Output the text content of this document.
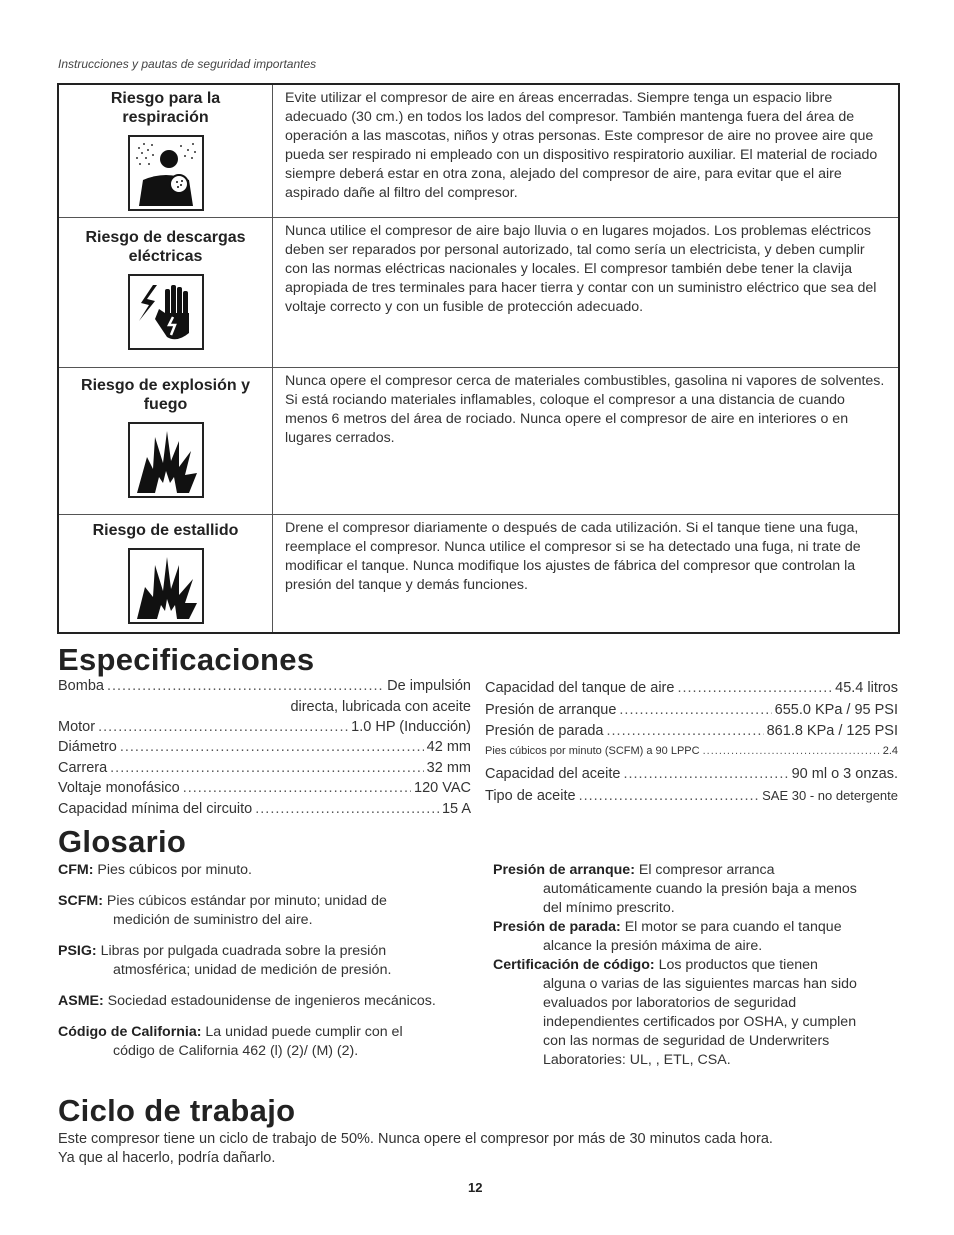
Instrucciones y pautas de seguridad importantes
Riesgo para la respiración	Evite utilizar el compresor de aire en áreas encerradas. Siempre tenga un espacio libre adecuado (30 cm.) en todos los lados del compresor. También mantenga fuera del área de operación a las mascotas, niños y otras personas. Este compresor de aire no provee aire que pueda ser respirado ni empleado con un dispositivo respiratorio auxiliar. El material de rociado siempre deberá estar en otra zona, alejado del compresor de aire, para evitar que el aire aspirado dañe al filtro del compresor.

Riesgo de descargas eléctricas	Nunca utilice el compresor de aire bajo lluvia o en lugares mojados. Los problemas eléctricos deben ser reparados por personal autorizado, tal como sería un electricista, y deben cumplir con las normas eléctricas nacionales y locales. El compresor también debe tener la clavija apropiada de tres terminales para hacer tierra y contar con un suministro eléctrico que sea del voltaje correcto y con un fusible de protección adecuado.

Riesgo de explosión y fuego	Nunca opere el compresor cerca de materiales combustibles, gasolina ni vapores de solventes. Si está rociando materiales inflamables, coloque el compresor a una distancia de cuando menos 6 metros del área de rociado. Nunca opere el compresor de aire en interiores o en lugares cerrados.

Riesgo de estallido	Drene el compresor diariamente o después de cada utilización. Si el tanque tiene una fuga, reemplace el compresor. Nunca utilice el compresor si se ha detectado una fuga, ni trate de modificar el tanque. Nunca modifique los ajustes de fábrica del compresor que controlan la presión del tanque y demás funciones.
Especificaciones
Bomba .....	De impulsión
directa, lubricada con aceite
Motor .....	1.0 HP (Inducción)
Diámetro .....	42 mm
Carrera .....	32 mm
Voltaje monofásico .....	120 VAC
Capacidad mínima del circuito .....	15 A
Capacidad del tanque de aire .....	45.4 litros
Presión de arranque .....	655.0 KPa / 95 PSI
Presión de parada .....	861.8 KPa / 125 PSI
Pies cúbicos por minuto (SCFM) a 90 LPPC .....	2.4
Capacidad del aceite .....	90 ml o 3 onzas.
Tipo de aceite .....	SAE 30 - no detergente
Glosario
CFM: Pies cúbicos por minuto.
SCFM: Pies cúbicos estándar por minuto; unidad de
medición de suministro del aire.
PSIG: Libras por pulgada cuadrada sobre la presión
atmosférica; unidad de medición de presión.
ASME: Sociedad estadounidense de ingenieros mecánicos.
Código de California: La unidad puede cumplir con el
código de California 462 (l) (2)/ (M) (2).
Presión de arranque: El compresor arranca
automáticamente cuando la presión baja a menos
del mínimo prescrito.
Presión de parada: El motor se para cuando el tanque
alcance la presión máxima de aire.
Certificación de código: Los productos que tienen
alguna o varias de las siguientes marcas han sido
evaluados por laboratorios de seguridad
independientes certificados por OSHA, y cumplen
con las normas de seguridad de Underwriters
Laboratories: UL, , ETL, CSA.
Ciclo de trabajo
Este compresor tiene un ciclo de trabajo de 50%. Nunca opere el compresor por más de 30 minutos cada hora.
Ya que al hacerlo, podría dañarlo.
12
